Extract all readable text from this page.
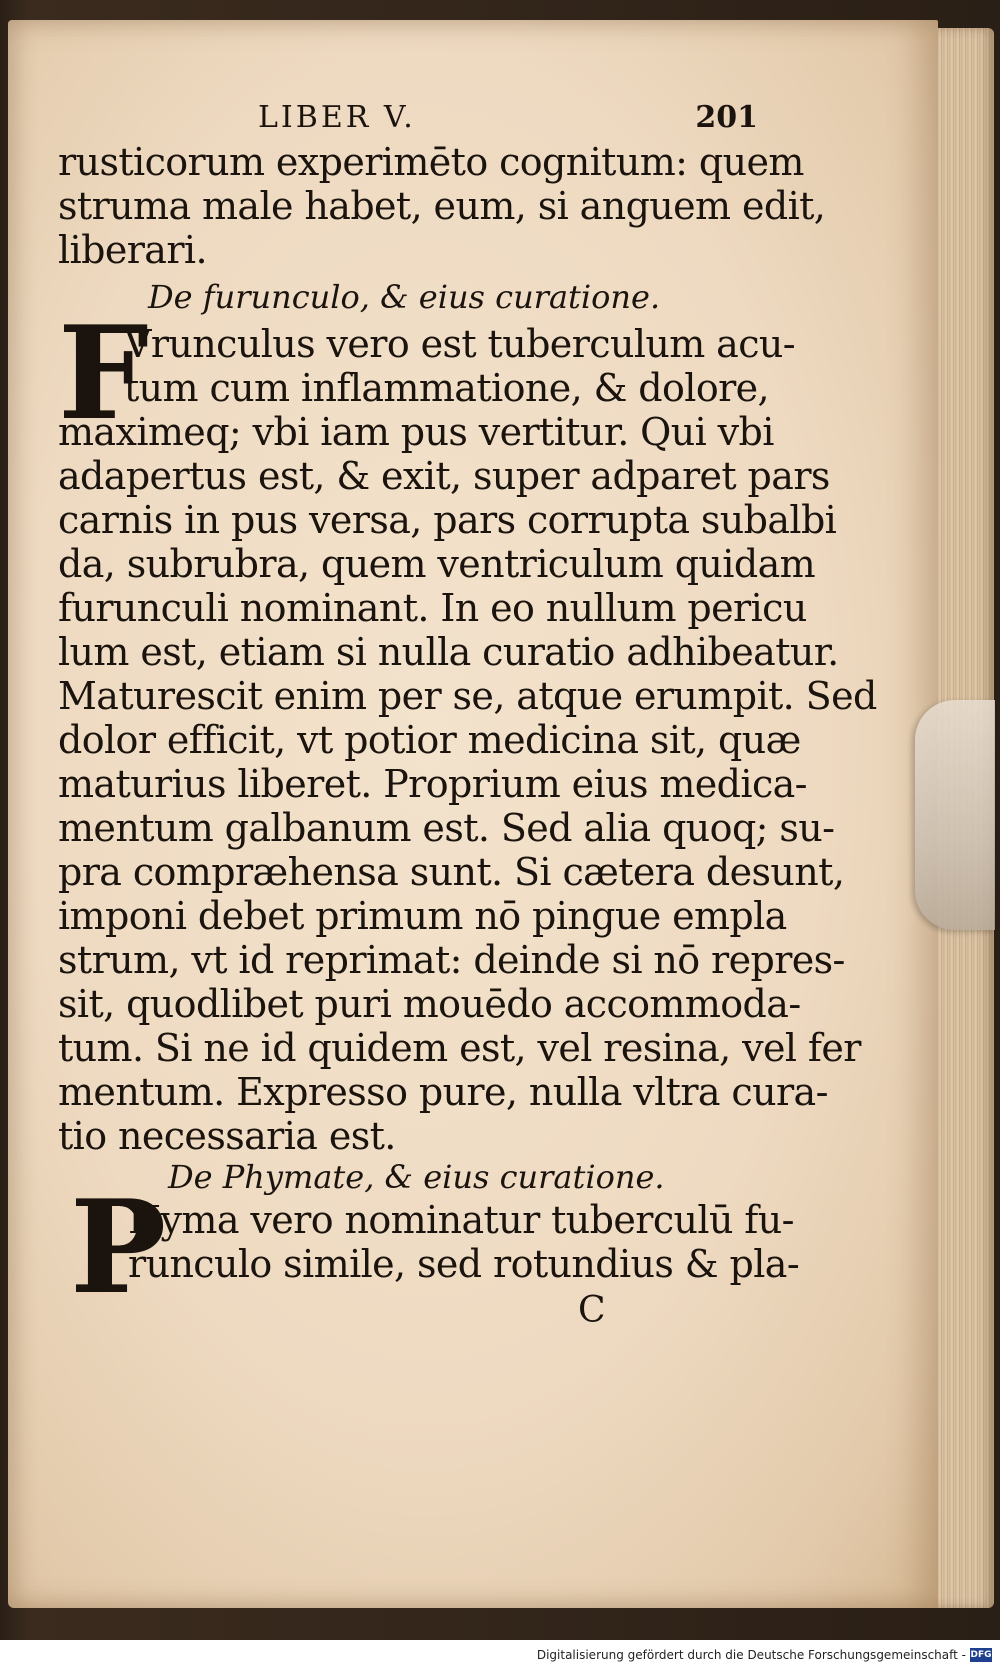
LIBER V.	201
rusticorum experimēto cognitum: quem
struma male habet, eum, si anguem edit,
liberari.
De furunculo, & eius curatione.
F
Vrunculus vero est tuberculum acu-
tum cum inflammatione, & dolore,
maximeq; vbi iam pus vertitur. Qui vbi
adapertus est, & exit, super adparet pars
carnis in pus versa, pars corrupta subalbi
da, subrubra, quem ventriculum quidam
furunculi nominant. In eo nullum pericu
lum est, etiam si nulla curatio adhibeatur.
Maturescit enim per se, atque erumpit. Sed
dolor efficit, vt potior medicina sit, quæ
maturius liberet. Proprium eius medica-
mentum galbanum est. Sed alia quoq; su-
pra compræhensa sunt. Si cætera desunt,
imponi debet primum nō pingue empla
strum, vt id reprimat: deinde si nō repres-
sit, quodlibet puri mouēdo accommoda-
tum. Si ne id quidem est, vel resina, vel fer
mentum. Expresso pure, nulla vltra cura-
tio necessaria est.
De Phymate, & eius curatione.
P
Hyma vero nominatur tuberculū fu-
runculo simile, sed rotundius & pla-
C
Digitalisierung gefördert durch die Deutsche Forschungsgemeinschaft - DFG
